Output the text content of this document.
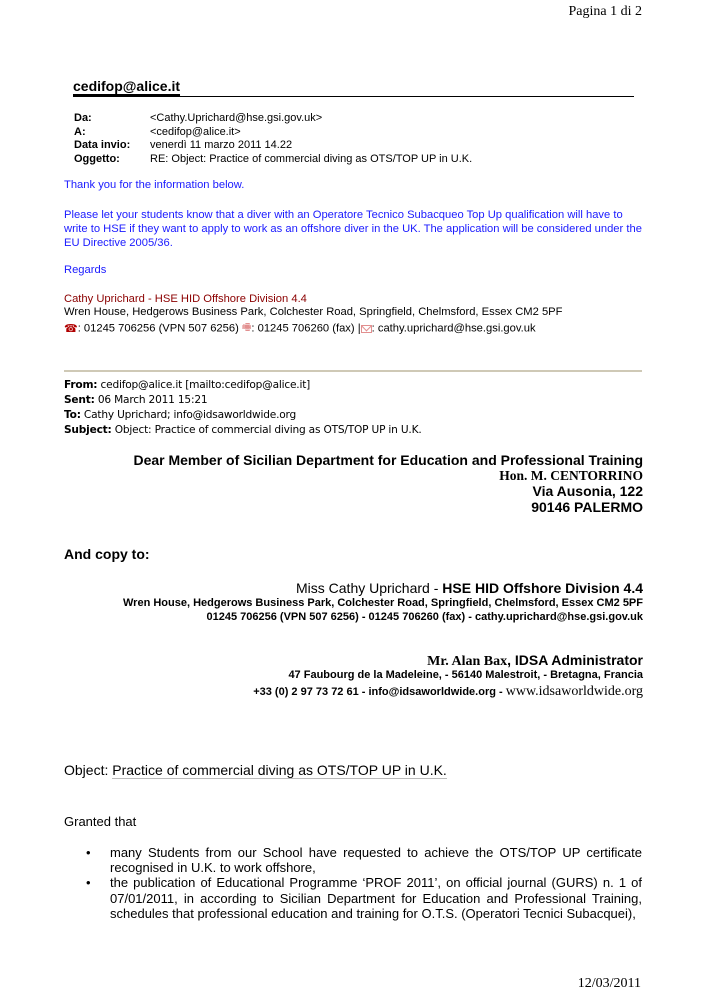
Pagina 1 di 2
cedifop@alice.it
Da:	<Cathy.Uprichard@hse.gsi.gov.uk>
A:	<cedifop@alice.it>
Data invio:	venerdì 11 marzo 2011 14.22
Oggetto:	RE: Object: Practice of commercial diving as OTS/TOP UP in U.K.
Thank you for the information below.
Please let your students know that a diver with an Operatore Tecnico Subacqueo Top Up qualification will have to write to HSE if they want to apply to work as an offshore diver in the UK. The application will be considered under the EU Directive 2005/36.
Regards
Cathy Uprichard - HSE HID Offshore Division 4.4
Wren House, Hedgerows Business Park, Colchester Road, Springfield, Chelmsford, Essex CM2 5PF
☎: 01245 706256 (VPN 507 6256) 🖷: 01245 706260 (fax) | : cathy.uprichard@hse.gsi.gov.uk
From: cedifop@alice.it [mailto:cedifop@alice.it]
Sent: 06 March 2011 15:21
To: Cathy Uprichard; info@idsaworldwide.org
Subject: Object: Practice of commercial diving as OTS/TOP UP in U.K.
Dear Member of Sicilian Department for Education and Professional Training
Hon. M. CENTORRINO
Via Ausonia, 122
90146 PALERMO
And copy to:
Miss Cathy Uprichard - HSE HID Offshore Division 4.4
Wren House, Hedgerows Business Park, Colchester Road, Springfield, Chelmsford, Essex CM2 5PF
01245 706256 (VPN 507 6256) - 01245 706260 (fax) - cathy.uprichard@hse.gsi.gov.uk
Mr. Alan Bax, IDSA Administrator
47 Faubourg de la Madeleine, - 56140 Malestroit, - Bretagna, Francia
+33 (0) 2 97 73 72 61 - info@idsaworldwide.org - www.idsaworldwide.org
Object: Practice of commercial diving as OTS/TOP UP in U.K.
Granted that
• many Students from our School have requested to achieve the OTS/TOP UP certificate recognised in U.K. to work offshore,
• the publication of Educational Programme ‘PROF 2011’, on official journal (GURS) n. 1 of 07/01/2011, in according to Sicilian Department for Education and Professional Training, schedules that professional education and training for O.T.S. (Operatori Tecnici Subacquei),
12/03/2011
